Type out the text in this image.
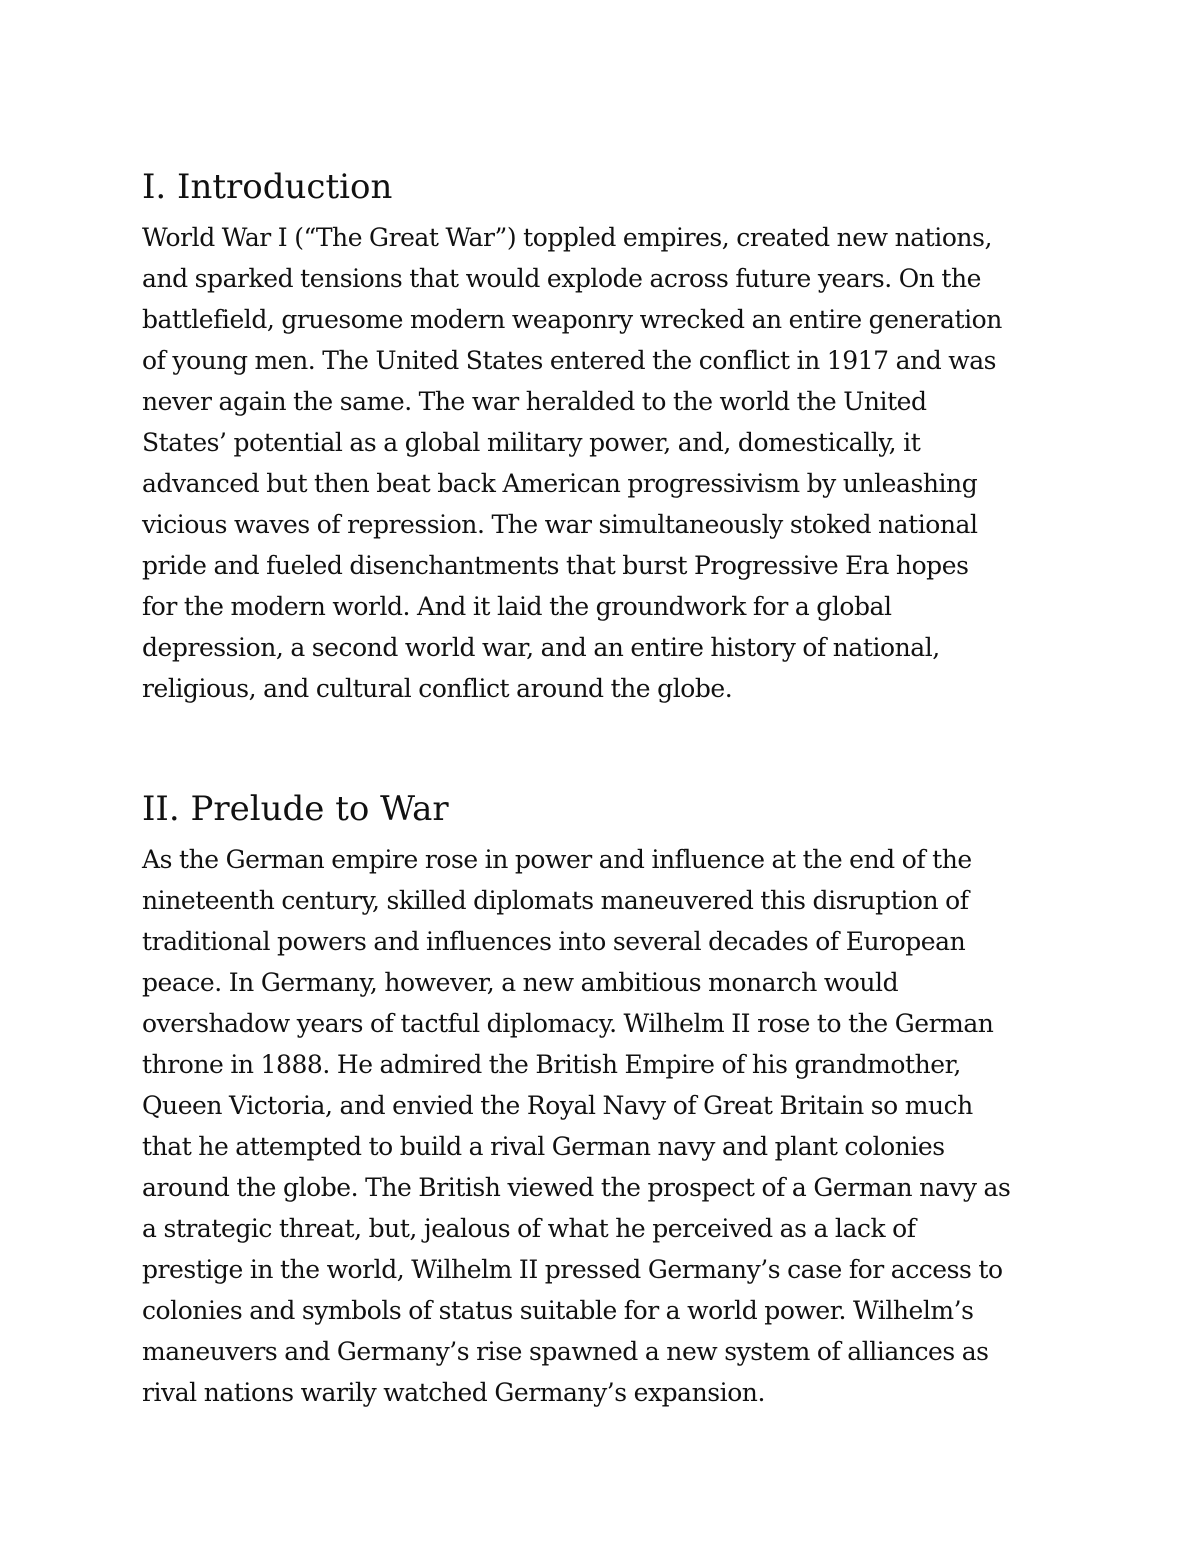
I. Introduction
World War I (“The Great War”) toppled empires, created new nations,
and sparked tensions that would explode across future years. On the
battlefield, gruesome modern weaponry wrecked an entire generation
of young men. The United States entered the conflict in 1917 and was
never again the same. The war heralded to the world the United
States’ potential as a global military power, and, domestically, it
advanced but then beat back American progressivism by unleashing
vicious waves of repression. The war simultaneously stoked national
pride and fueled disenchantments that burst Progressive Era hopes
for the modern world. And it laid the groundwork for a global
depression, a second world war, and an entire history of national,
religious, and cultural conflict around the globe.
II. Prelude to War
As the German empire rose in power and influence at the end of the
nineteenth century, skilled diplomats maneuvered this disruption of
traditional powers and influences into several decades of European
peace. In Germany, however, a new ambitious monarch would
overshadow years of tactful diplomacy. Wilhelm II rose to the German
throne in 1888. He admired the British Empire of his grandmother,
Queen Victoria, and envied the Royal Navy of Great Britain so much
that he attempted to build a rival German navy and plant colonies
around the globe. The British viewed the prospect of a German navy as
a strategic threat, but, jealous of what he perceived as a lack of
prestige in the world, Wilhelm II pressed Germany’s case for access to
colonies and symbols of status suitable for a world power. Wilhelm’s
maneuvers and Germany’s rise spawned a new system of alliances as
rival nations warily watched Germany’s expansion.
